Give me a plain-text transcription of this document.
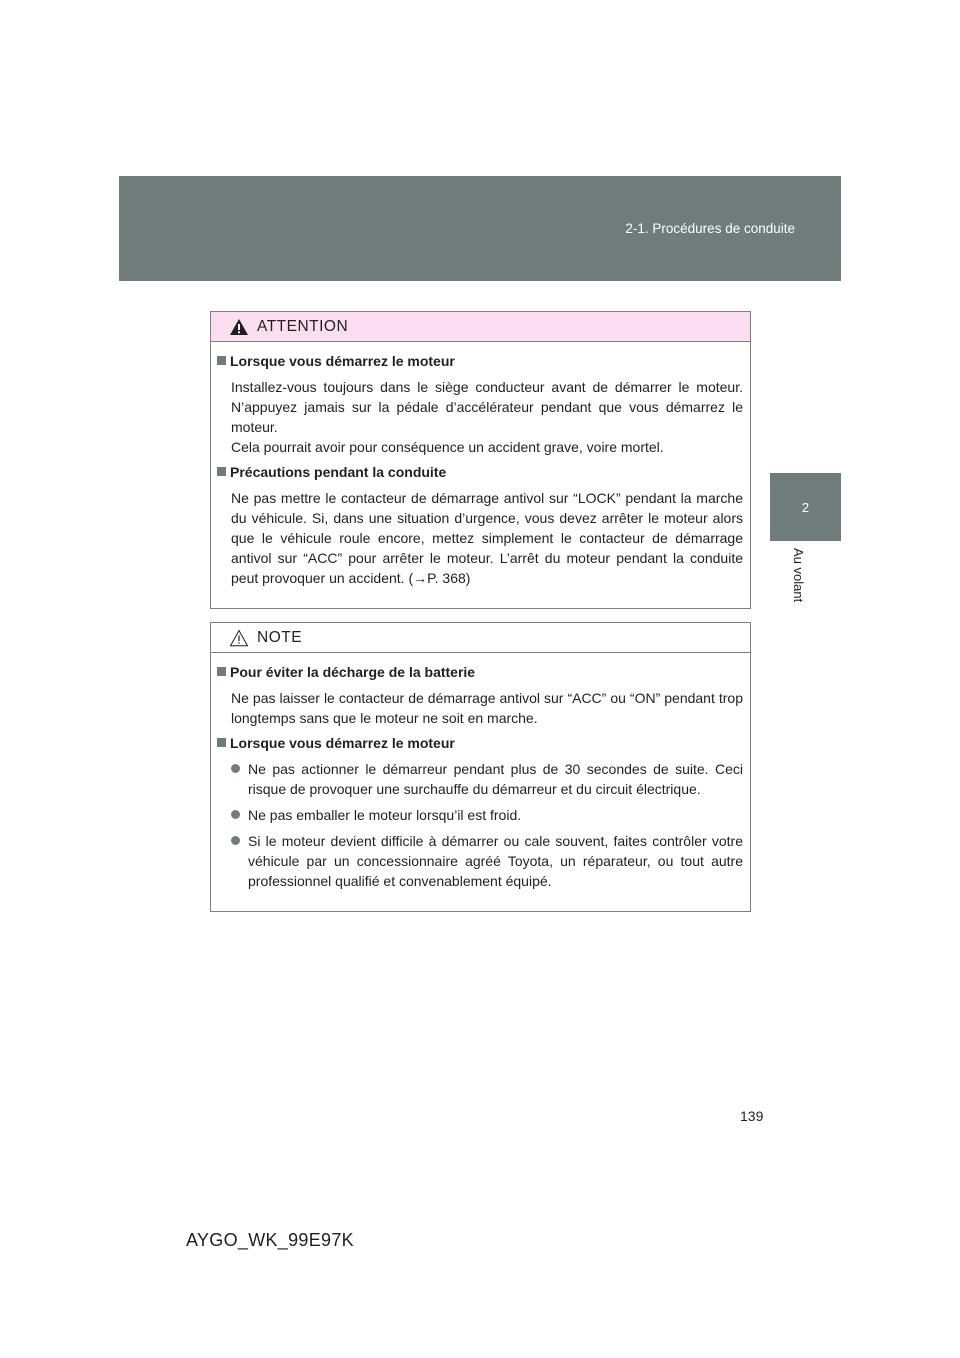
2-1. Procédures de conduite
2
Au volant
ATTENTION
Lorsque vous démarrez le moteur
Installez-vous toujours dans le siège conducteur avant de démarrer le moteur. N’appuyez jamais sur la pédale d’accélérateur pendant que vous démarrez le moteur.
Cela pourrait avoir pour conséquence un accident grave, voire mortel.
Précautions pendant la conduite
Ne pas mettre le contacteur de démarrage antivol sur “LOCK” pendant la marche du véhicule. Si, dans une situation d’urgence, vous devez arrêter le moteur alors que le véhicule roule encore, mettez simplement le contacteur de démarrage antivol sur “ACC” pour arrêter le moteur. L’arrêt du moteur pendant la conduite peut provoquer un accident. (→P. 368)
NOTE
Pour éviter la décharge de la batterie
Ne pas laisser le contacteur de démarrage antivol sur “ACC” ou “ON” pendant trop longtemps sans que le moteur ne soit en marche.
Lorsque vous démarrez le moteur
Ne pas actionner le démarreur pendant plus de 30 secondes de suite. Ceci risque de provoquer une surchauffe du démarreur et du circuit électrique.
Ne pas emballer le moteur lorsqu’il est froid.
Si le moteur devient difficile à démarrer ou cale souvent, faites contrôler votre véhicule par un concessionnaire agréé Toyota, un réparateur, ou tout autre professionnel qualifié et convenablement équipé.
139
AYGO_WK_99E97K
